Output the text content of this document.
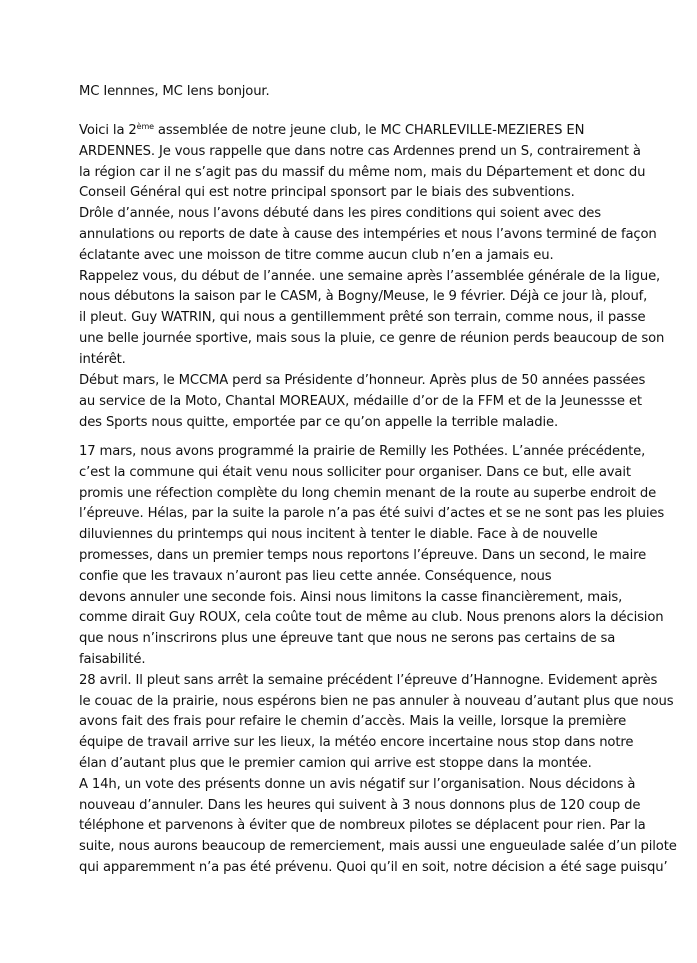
MC Iennnes, MC Iens bonjour.
Voici la 2ème assemblée de notre jeune club, le MC CHARLEVILLE-MEZIERES EN
ARDENNES. Je vous rappelle que dans notre cas Ardennes prend un S, contrairement à
la région car il ne s’agit pas du massif du même nom, mais du Département et donc du
Conseil Général qui est notre principal sponsort par le biais des subventions.
Drôle d’année, nous l’avons débuté dans les pires conditions qui soient avec des
annulations ou reports de date à cause des intempéries et nous l’avons terminé de façon
éclatante avec une moisson de titre comme aucun club n’en a jamais eu.
Rappelez vous, du début de l’année. une semaine après l’assemblée générale de la ligue,
nous débutons la saison par le CASM, à Bogny/Meuse, le 9 février. Déjà ce jour là, plouf,
il pleut. Guy WATRIN, qui nous a gentillemment prêté son terrain, comme nous, il passe
une belle journée sportive, mais sous la pluie, ce genre de réunion perds beaucoup de son
intérêt.
Début mars, le MCCMA perd sa Présidente d’honneur. Après plus de 50 années passées
au service de la Moto, Chantal MOREAUX, médaille d’or de la FFM et de la Jeunessse et
des Sports nous quitte, emportée par ce qu’on appelle la terrible maladie.
17 mars, nous avons programmé la prairie de Remilly les Pothées. L’année précédente,
c’est la commune qui était venu nous solliciter pour organiser. Dans ce but, elle avait
promis une réfection complète du long chemin menant de la route au superbe endroit de
l’épreuve. Hélas, par la suite la parole n’a pas été suivi d’actes et se ne sont pas les pluies
diluviennes du printemps qui nous incitent à tenter le diable. Face à de nouvelle
promesses, dans un premier temps nous reportons l’épreuve. Dans un second, le maire
confie que les travaux n’auront pas lieu cette année. Conséquence, nous
devons annuler une seconde fois. Ainsi nous limitons la casse financièrement, mais,
comme dirait Guy ROUX, cela coûte tout de même au club. Nous prenons alors la décision
que nous n’inscrirons plus une épreuve tant que nous ne serons pas certains de sa
faisabilité.
28 avril. Il pleut sans arrêt la semaine précédent l’épreuve d’Hannogne. Evidement après
le couac de la prairie, nous espérons bien ne pas annuler à nouveau d’autant plus que nous
avons fait des frais pour refaire le chemin d’accès. Mais la veille, lorsque la première
équipe de travail arrive sur les lieux, la météo encore incertaine nous stop dans notre
élan d’autant plus que le premier camion qui arrive est stoppe dans la montée.
A 14h, un vote des présents donne un avis négatif sur l’organisation. Nous décidons à
nouveau d’annuler. Dans les heures qui suivent à 3 nous donnons plus de 120 coup de
téléphone et parvenons à éviter que de nombreux pilotes se déplacent pour rien. Par la
suite, nous aurons beaucoup de remerciement, mais aussi une engueulade salée d’un pilote
qui apparemment n’a pas été prévenu. Quoi qu’il en soit, notre décision a été sage puisqu’
